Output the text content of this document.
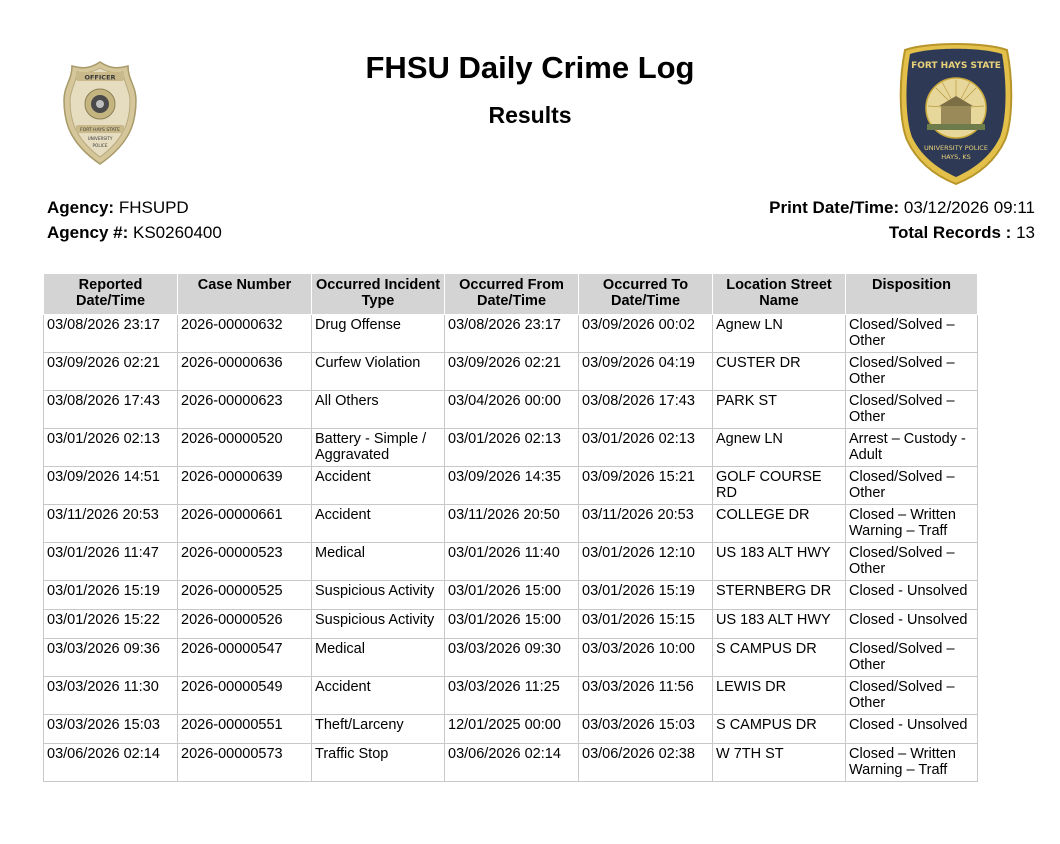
OFFICER
FORT HAYS STATE
UNIVERSITY
POLICE
FORT HAYS STATE
UNIVERSITY POLICE
HAYS, KS
FHSU Daily Crime Log
Results
Agency: FHSUPD
Agency #: KS0260400
Print Date/Time: 03/12/2026 09:11
Total Records : 13
Reported Date/Time	Case Number	Occurred Incident Type	Occurred From Date/Time	Occurred To Date/Time	Location Street Name	Disposition
03/08/2026 23:17	2026-00000632	Drug Offense	03/08/2026 23:17	03/09/2026 00:02	Agnew LN	Closed/Solved – Other
03/09/2026 02:21	2026-00000636	Curfew Violation	03/09/2026 02:21	03/09/2026 04:19	CUSTER DR	Closed/Solved – Other
03/08/2026 17:43	2026-00000623	All Others	03/04/2026 00:00	03/08/2026 17:43	PARK ST	Closed/Solved – Other
03/01/2026 02:13	2026-00000520	Battery - Simple / Aggravated	03/01/2026 02:13	03/01/2026 02:13	Agnew LN	Arrest – Custody - Adult
03/09/2026 14:51	2026-00000639	Accident	03/09/2026 14:35	03/09/2026 15:21	GOLF COURSE RD	Closed/Solved – Other
03/11/2026 20:53	2026-00000661	Accident	03/11/2026 20:50	03/11/2026 20:53	COLLEGE DR	Closed – Written Warning – Traff
03/01/2026 11:47	2026-00000523	Medical	03/01/2026 11:40	03/01/2026 12:10	US 183 ALT HWY	Closed/Solved – Other
03/01/2026 15:19	2026-00000525	Suspicious Activity	03/01/2026 15:00	03/01/2026 15:19	STERNBERG DR	Closed - Unsolved
03/01/2026 15:22	2026-00000526	Suspicious Activity	03/01/2026 15:00	03/01/2026 15:15	US 183 ALT HWY	Closed - Unsolved
03/03/2026 09:36	2026-00000547	Medical	03/03/2026 09:30	03/03/2026 10:00	S CAMPUS DR	Closed/Solved – Other
03/03/2026 11:30	2026-00000549	Accident	03/03/2026 11:25	03/03/2026 11:56	LEWIS DR	Closed/Solved – Other
03/03/2026 15:03	2026-00000551	Theft/Larceny	12/01/2025 00:00	03/03/2026 15:03	S CAMPUS DR	Closed - Unsolved
03/06/2026 02:14	2026-00000573	Traffic Stop	03/06/2026 02:14	03/06/2026 02:38	W 7TH ST	Closed – Written Warning – Traff
